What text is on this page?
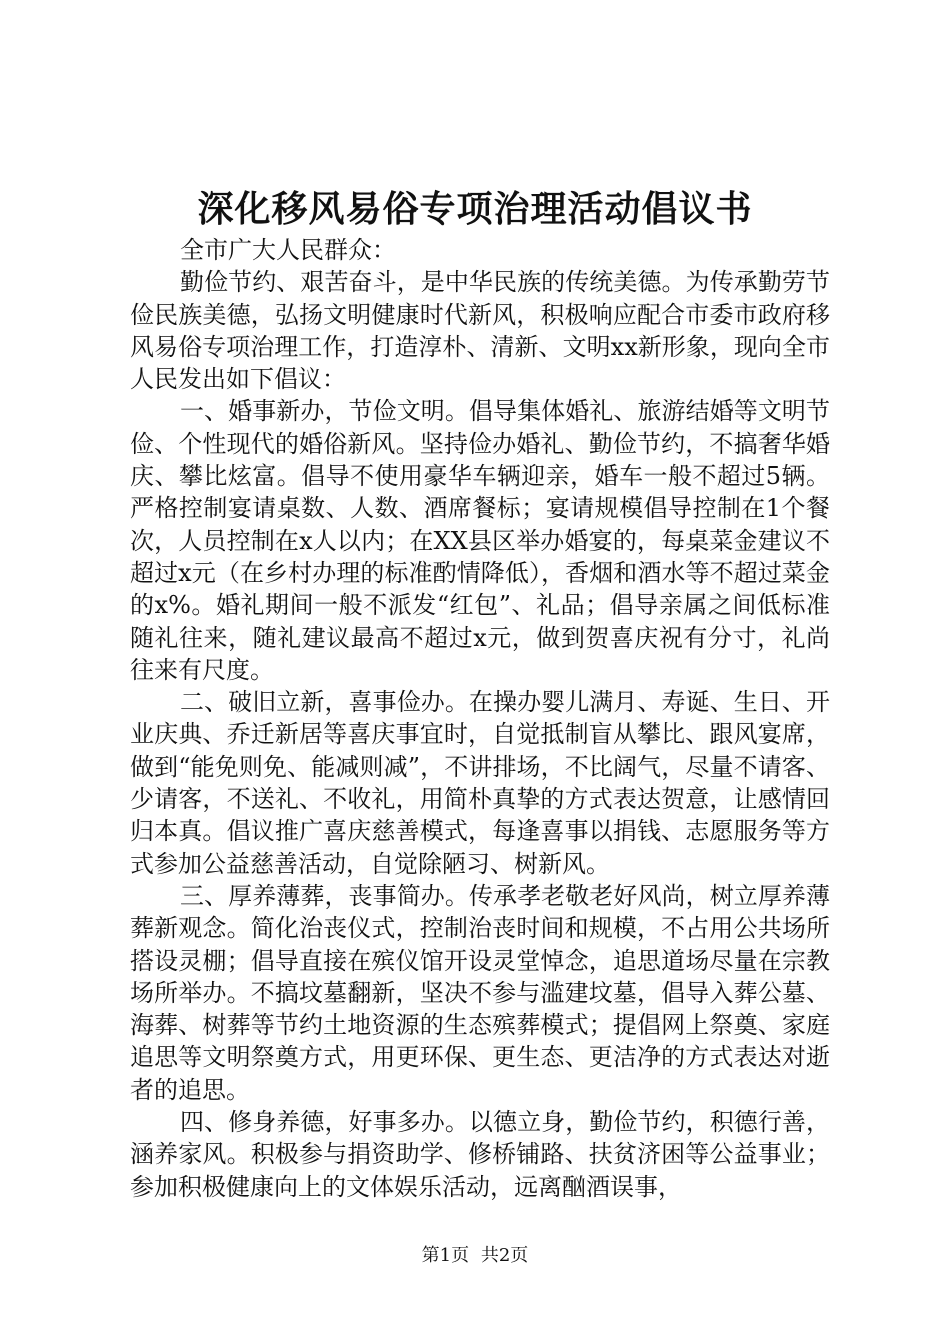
深化移风易俗专项治理活动倡议书

全市广大人民群众：

勤俭节约、艰苦奋斗，是中华民族的传统美德。为传承勤劳节俭民族美德，弘扬文明健康时代新风，积极响应配合市委市政府移风易俗专项治理工作，打造淳朴、清新、文明xx新形象，现向全市人民发出如下倡议：

一、婚事新办，节俭文明。倡导集体婚礼、旅游结婚等文明节俭、个性现代的婚俗新风。坚持俭办婚礼、勤俭节约，不搞奢华婚庆、攀比炫富。倡导不使用豪华车辆迎亲，婚车一般不超过5辆。严格控制宴请桌数、人数、酒席餐标；宴请规模倡导控制在1个餐次，人员控制在x人以内；在XX县区举办婚宴的，每桌菜金建议不超过x元（在乡村办理的标准酌情降低），香烟和酒水等不超过菜金的x%。婚礼期间一般不派发“红包”、礼品；倡导亲属之间低标准随礼往来，随礼建议最高不超过x元，做到贺喜庆祝有分寸，礼尚往来有尺度。

二、破旧立新，喜事俭办。在操办婴儿满月、寿诞、生日、开业庆典、乔迁新居等喜庆事宜时，自觉抵制盲从攀比、跟风宴席，做到“能免则免、能减则减”，不讲排场，不比阔气，尽量不请客、少请客，不送礼、不收礼，用简朴真挚的方式表达贺意，让感情回归本真。倡议推广喜庆慈善模式，每逢喜事以捐钱、志愿服务等方式参加公益慈善活动，自觉除陋习、树新风。

三、厚养薄葬，丧事简办。传承孝老敬老好风尚，树立厚养薄葬新观念。简化治丧仪式，控制治丧时间和规模，不占用公共场所搭设灵棚；倡导直接在殡仪馆开设灵堂悼念，追思道场尽量在宗教场所举办。不搞坟墓翻新，坚决不参与滥建坟墓，倡导入葬公墓、海葬、树葬等节约土地资源的生态殡葬模式；提倡网上祭奠、家庭追思等文明祭奠方式，用更环保、更生态、更洁净的方式表达对逝者的追思。

四、修身养德，好事多办。以德立身，勤俭节约，积德行善，涵养家风。积极参与捐资助学、修桥铺路、扶贫济困等公益事业；参加积极健康向上的文体娱乐活动，远离酗酒误事，

第1页 共2页
